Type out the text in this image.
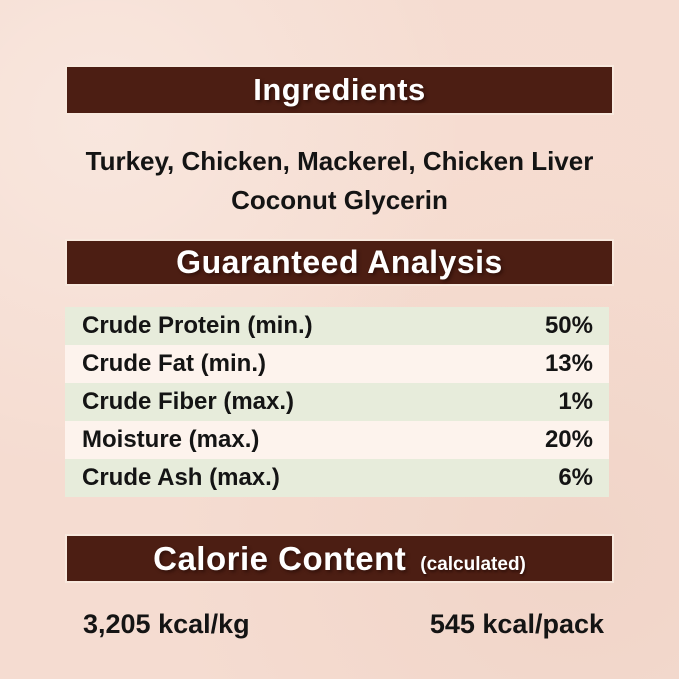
Ingredients
Turkey, Chicken, Mackerel, Chicken Liver
Coconut Glycerin
Guaranteed Analysis
Crude Protein (min.)	50%
Crude Fat (min.)	13%
Crude Fiber (max.)	1%
Moisture (max.)	20%
Crude Ash (max.)	6%
Calorie Content (calculated)
3,205 kcal/kg	545 kcal/pack
